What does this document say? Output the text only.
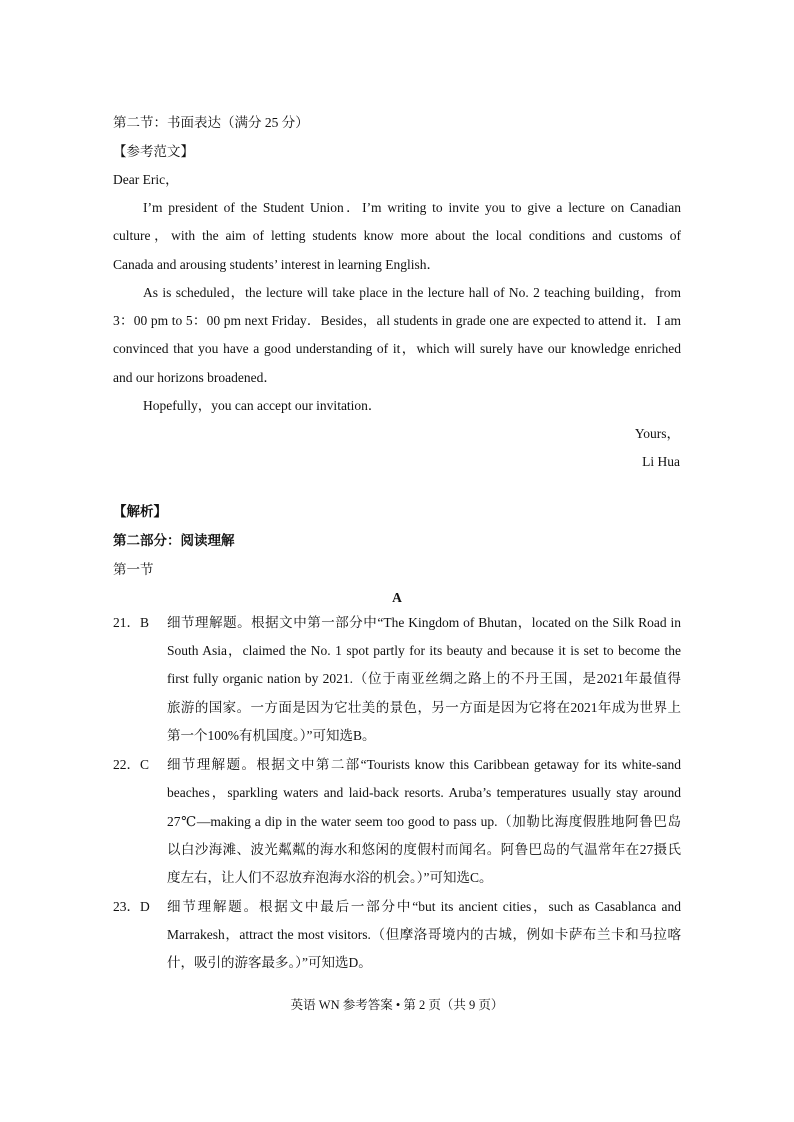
第二节：书面表达（满分 25 分）
【参考范文】
Dear Eric，
I’m president of the Student Union．I’m writing to invite you to give a lecture on Canadian
culture，with the aim of letting students know more about the local conditions and customs of
Canada and arousing students’ interest in learning English．
As is scheduled，the lecture will take place in the lecture hall of No. 2 teaching building，from
3：00 pm to 5：00 pm next Friday．Besides，all students in grade one are expected to attend it．I am
convinced that you have a good understanding of it，which will surely have our knowledge enriched
and our horizons broadened．
Hopefully，you can accept our invitation．
Yours，
Li Hua
【解析】
第二部分：阅读理解
第一节
A
21．B 细节理解题。根据文中第一部分中“The Kingdom of Bhutan，located on the Silk Road in
South Asia，claimed the No. 1 spot partly for its beauty and because it is set to become the
first fully organic nation by 2021.（位于南亚丝绸之路上的不丹王国，是2021年最值得
旅游的国家。一方面是因为它壮美的景色，另一方面是因为它将在2021年成为世界上
第一个100%有机国度。）”可知选B。
22．C 细节理解题。根据文中第二部“Tourists know this Caribbean getaway for its white-sand
beaches，sparkling waters and laid-back resorts. Aruba’s temperatures usually stay around
27℃—making a dip in the water seem too good to pass up.（加勒比海度假胜地阿鲁巴岛
以白沙海滩、波光粼粼的海水和悠闲的度假村而闻名。阿鲁巴岛的气温常年在27摄氏
度左右，让人们不忍放弃泡海水浴的机会。）”可知选C。
23．D 细节理解题。根据文中最后一部分中“but its ancient cities，such as Casablanca and
Marrakesh，attract the most visitors.（但摩洛哥境内的古城，例如卡萨布兰卡和马拉喀
什，吸引的游客最多。）”可知选D。
英语 WN 参考答案 • 第 2 页（共 9 页）
